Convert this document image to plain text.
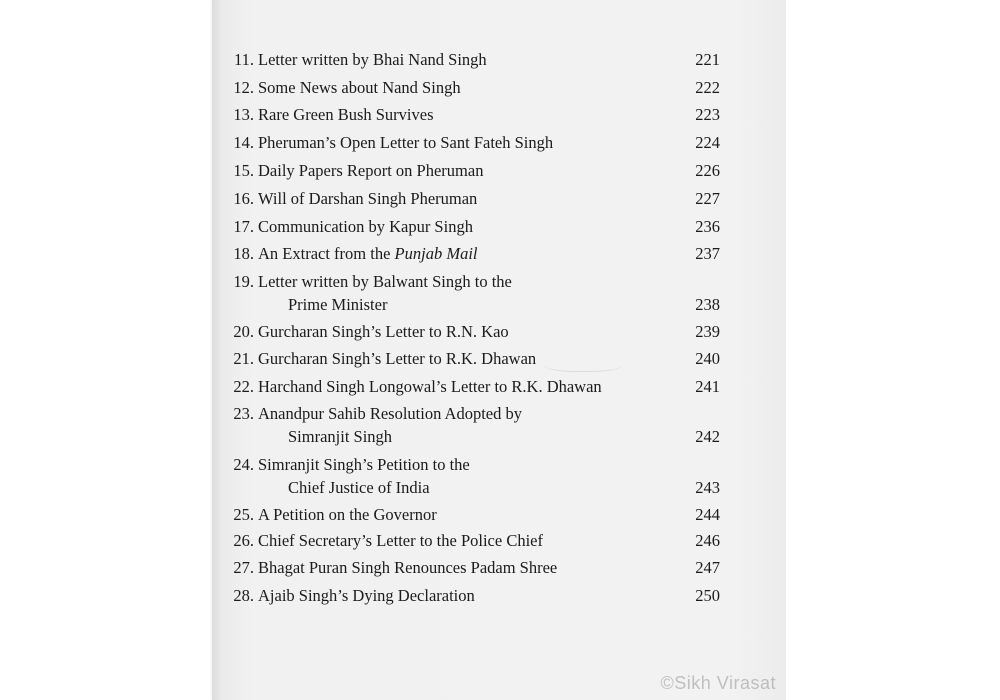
11. Letter written by Bhai Nand Singh	221
12. Some News about Nand Singh	222
13. Rare Green Bush Survives	223
14. Pheruman’s Open Letter to Sant Fateh Singh	224
15. Daily Papers Report on Pheruman	226
16. Will of Darshan Singh Pheruman	227
17. Communication by Kapur Singh	236
18. An Extract from the Punjab Mail	237
19. Letter written by Balwant Singh to the
Prime Minister	238
20. Gurcharan Singh’s Letter to R.N. Kao	239
21. Gurcharan Singh’s Letter to R.K. Dhawan	240
22. Harchand Singh Longowal’s Letter to R.K. Dhawan	241
23. Anandpur Sahib Resolution Adopted by
Simranjit Singh	242
24. Simranjit Singh’s Petition to the
Chief Justice of India	243
25. A Petition on the Governor	244
26. Chief Secretary’s Letter to the Police Chief	246
27. Bhagat Puran Singh Renounces Padam Shree	247
28. Ajaib Singh’s Dying Declaration	250
©Sikh Virasat
